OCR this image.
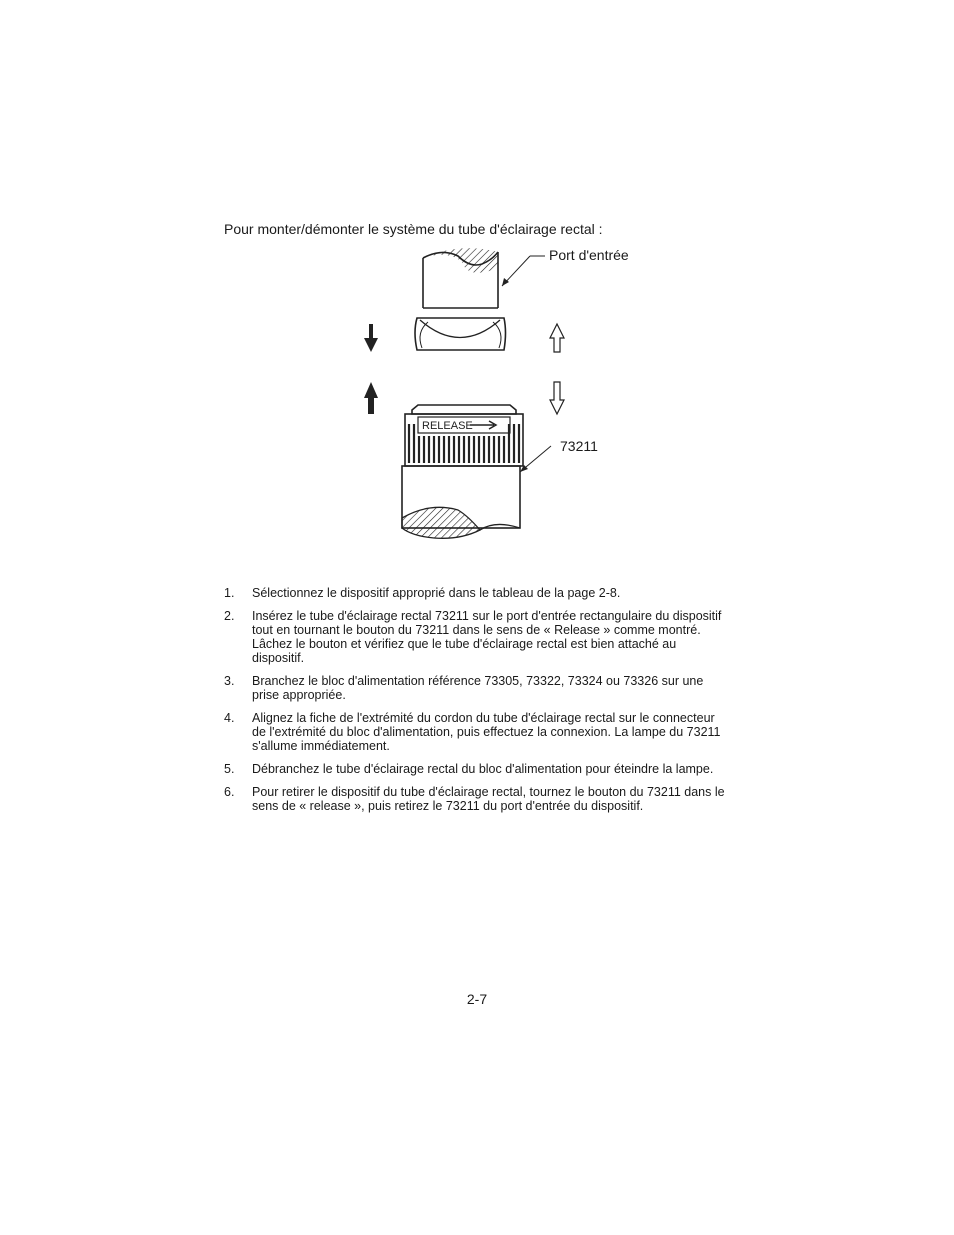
Pour monter/démonter le système du tube d'éclairage rectal :
RELEASE
Port d'entrée
73211
1.	Sélectionnez le dispositif approprié dans le tableau de la page 2-8.
2.	Insérez le tube d'éclairage rectal 73211 sur le port d'entrée rectangulaire du dispositif tout en tournant le bouton du 73211 dans le sens de « Release » comme montré. Lâchez le bouton et vérifiez que le tube d'éclairage rectal est bien attaché au dispositif.
3.	Branchez le bloc d'alimentation référence 73305, 73322, 73324 ou 73326 sur une prise appropriée.
4.	Alignez la fiche de l'extrémité du cordon du tube d'éclairage rectal sur le connecteur de l'extrémité du bloc d'alimentation, puis effectuez la connexion. La lampe du 73211 s'allume immédiatement.
5.	Débranchez le tube d'éclairage rectal du bloc d'alimentation pour éteindre la lampe.
6.	Pour retirer le dispositif du tube d'éclairage rectal, tournez le bouton du 73211 dans le sens de « release », puis retirez le 73211 du port d'entrée du dispositif.
2-7
